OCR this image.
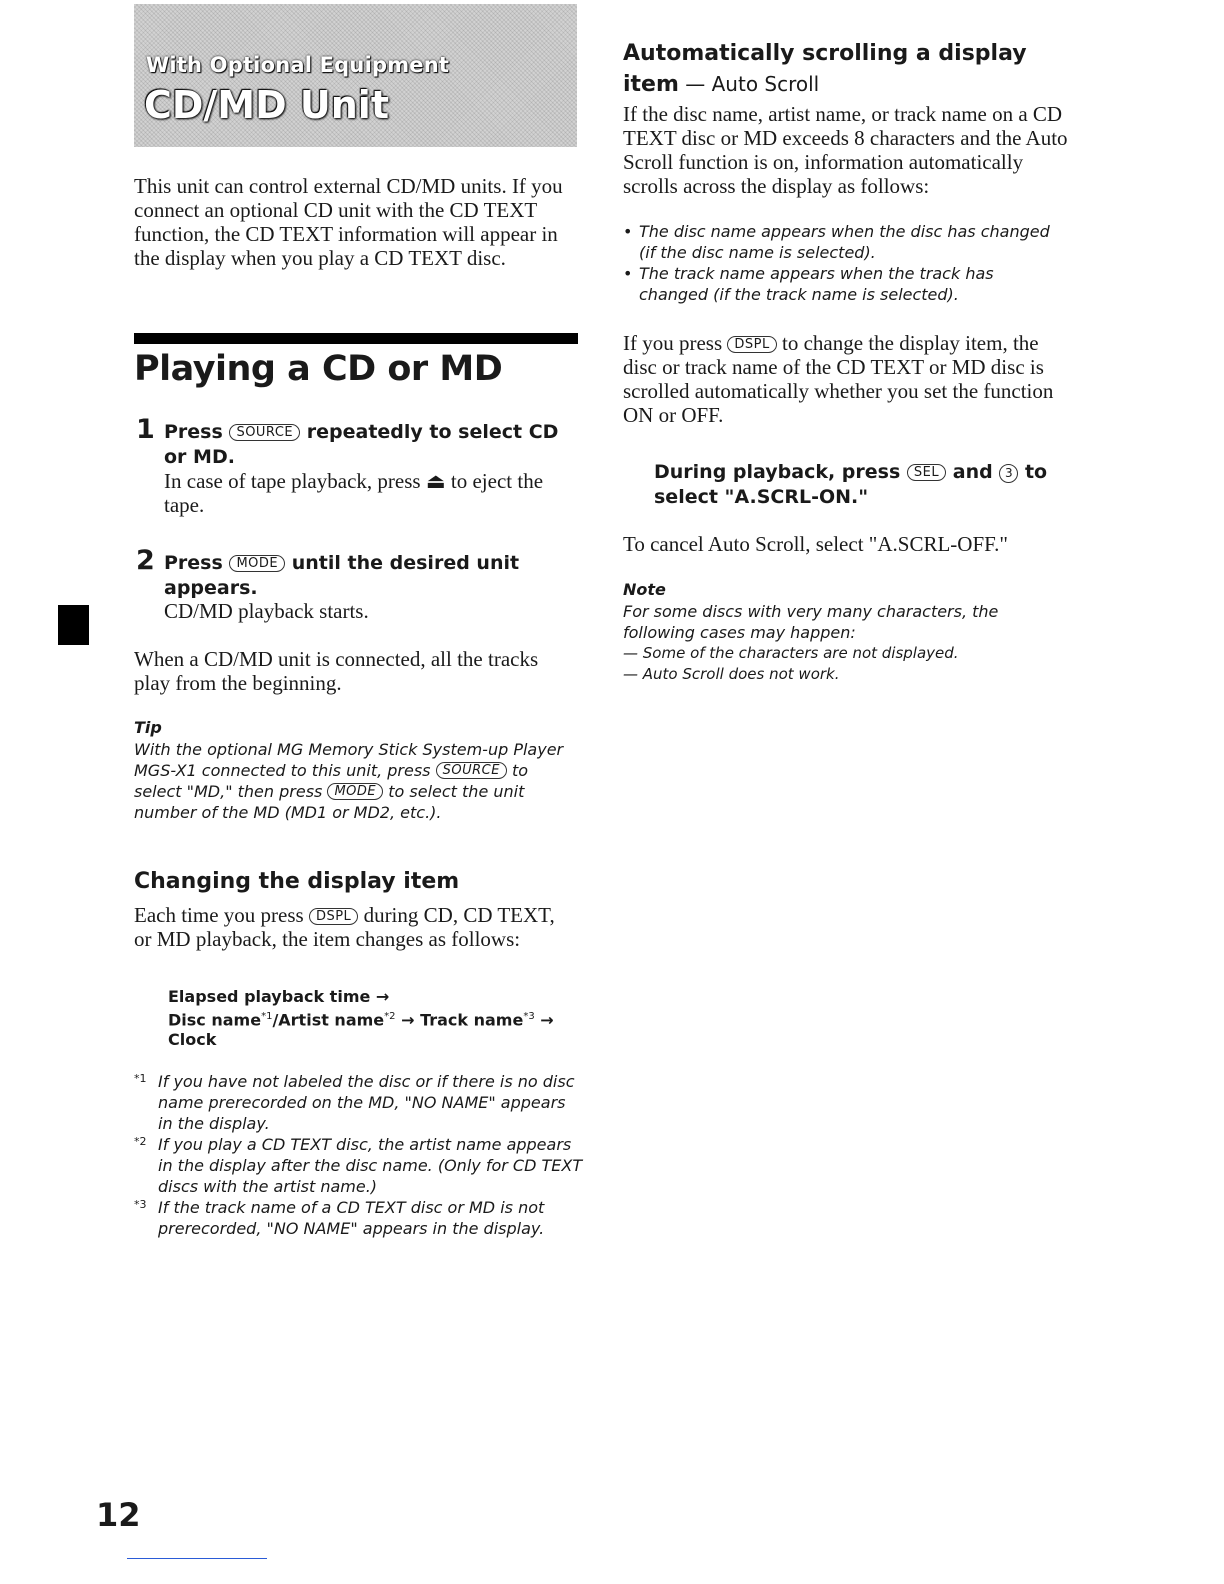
With Optional Equipment
CD/MD Unit
This unit can control external CD/MD units. If you connect an optional CD unit with the CD TEXT function, the CD TEXT information will appear in the display when you play a CD TEXT disc.
Playing a CD or MD
1 Press SOURCE repeatedly to select CD or MD.
In case of tape playback, press ⏏ to eject the tape.
2 Press MODE until the desired unit appears.
CD/MD playback starts.
When a CD/MD unit is connected, all the tracks play from the beginning.
Tip
With the optional MG Memory Stick System-up Player MGS-X1 connected to this unit, press SOURCE to select "MD," then press MODE to select the unit number of the MD (MD1 or MD2, etc.).
Changing the display item
Each time you press DSPL during CD, CD TEXT, or MD playback, the item changes as follows:
Elapsed playback time →
Disc name$^{*1}$/Artist name$^{*2}$ → Track name$^{*3}$ →
Clock
*1 If you have not labeled the disc or if there is no disc name prerecorded on the MD, "NO NAME" appears in the display.
*2 If you play a CD TEXT disc, the artist name appears in the display after the disc name. (Only for CD TEXT discs with the artist name.)
*3 If the track name of a CD TEXT disc or MD is not prerecorded, "NO NAME" appears in the display.
Automatically scrolling a display item — Auto Scroll
If the disc name, artist name, or track name on a CD TEXT disc or MD exceeds 8 characters and the Auto Scroll function is on, information automatically scrolls across the display as follows:
• The disc name appears when the disc has changed (if the disc name is selected).
• The track name appears when the track has changed (if the track name is selected).
If you press DSPL to change the display item, the disc or track name of the CD TEXT or MD disc is scrolled automatically whether you set the function ON or OFF.
During playback, press SEL and 3 to select "A.SCRL-ON."
To cancel Auto Scroll, select "A.SCRL-OFF."
Note
For some discs with very many characters, the following cases may happen:
— Some of the characters are not displayed.
— Auto Scroll does not work.
12
